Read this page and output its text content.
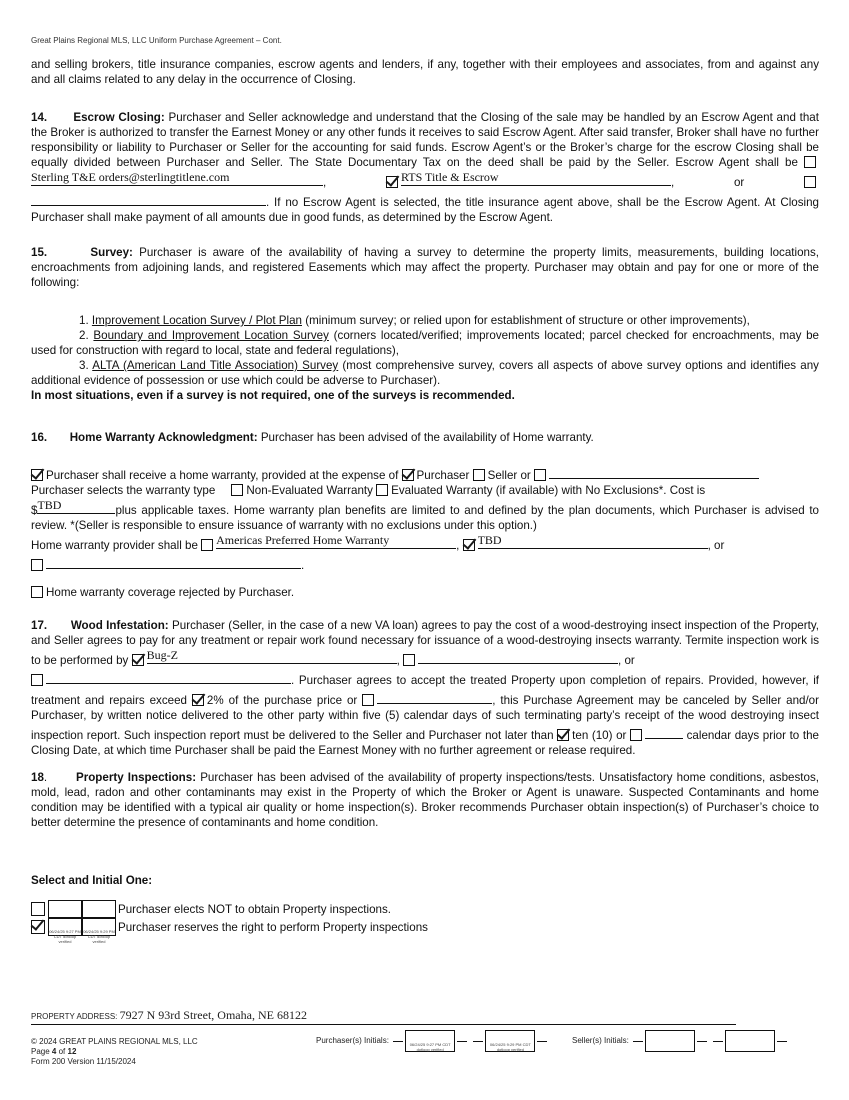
Great Plains Regional MLS, LLC Uniform Purchase Agreement – Cont.
and selling brokers, title insurance companies, escrow agents and lenders, if any, together with their employees and associates, from and against any and all claims related to any delay in the occurrence of Closing.
14. Escrow Closing: Purchaser and Seller acknowledge and understand that the Closing of the sale may be handled by an Escrow Agent and that the Broker is authorized to transfer the Earnest Money or any other funds it receives to said Escrow Agent. After said transfer, Broker shall have no further responsibility or liability to Purchaser or Seller for the accounting for said funds. Escrow Agent’s or the Broker’s charge for the escrow Closing shall be equally divided between Purchaser and Seller. The State Documentary Tax on the deed shall be paid by the Seller. Escrow Agent shall be Sterling T&E orders@sterlingtitlene.com	, RTS Title & Escrow	, or  . If no Escrow Agent is selected, the title insurance agent above, shall be the Escrow Agent. At Closing Purchaser shall make payment of all amounts due in good funds, as determined by the Escrow Agent.
15.	Survey: Purchaser is aware of the availability of having a survey to determine the property limits, measurements, building locations, encroachments from adjoining lands, and registered Easements which may affect the property. Purchaser may obtain and pay for one or more of the following:
1. Improvement Location Survey / Plot Plan (minimum survey; or relied upon for establishment of structure or other improvements),
2. Boundary and Improvement Location Survey (corners located/verified; improvements located; parcel checked for encroachments, may be used for construction with regard to local, state and federal regulations),
3. ALTA (American Land Title Association) Survey (most comprehensive survey, covers all aspects of above survey options and identifies any additional evidence of possession or use which could be adverse to Purchaser).
In most situations, even if a survey is not required, one of the surveys is recommended.
16. Home Warranty Acknowledgment: Purchaser has been advised of the availability of Home warranty.
Purchaser shall receive a home warranty, provided at the expense of Purchaser Seller or
Purchaser selects the warranty type	Non-Evaluated Warranty Evaluated Warranty (if available) with No Exclusions*. Cost is
$TBD	plus applicable taxes. Home warranty plan benefits are limited to and defined by the plan documents, which Purchaser is advised to review. *(Seller is responsible to ensure issuance of warranty with no exclusions under this option.)
Home warranty provider shall be Americas Preferred Home Warranty	, TBD	, or
.
Home warranty coverage rejected by Purchaser.
17. Wood Infestation: Purchaser (Seller, in the case of a new VA loan) agrees to pay the cost of a wood-destroying insect inspection of the Property, and Seller agrees to pay for any treatment or repair work found necessary for issuance of a wood-destroying insects warranty. Termite inspection work is to be performed by Bug-Z	,	, or
. Purchaser agrees to accept the treated Property upon completion of repairs. Provided, however, if treatment and repairs exceed 2% of the purchase price or	, this Purchase Agreement may be canceled by Seller and/or Purchaser, by written notice delivered to the other party within five (5) calendar days of such terminating party’s receipt of the wood destroying insect inspection report. Such inspection report must be delivered to the Seller and Purchaser not later than ten (10) or	calendar days prior to the Closing Date, at which time Purchaser shall be paid the Earnest Money with no further agreement or release required.
18.       Property Inspections: Purchaser has been advised of the availability of property inspections/tests. Unsatisfactory home conditions, asbestos, mold, lead, radon and other contaminants may exist in the Property of which the Broker or Agent is unaware. Suspected Contaminants and home condition may be identified with a typical air quality or home inspection(s). Broker recommends Purchaser obtain inspection(s) of Purchaser’s choice to better determine the presence of contaminants and home condition.
Select and Initial One:
Purchaser elects NOT to obtain Property inspections.
06/24/25 9:27 PM CDT dotloop verified
06/24/25 9:29 PM CDT dotloop verified
Purchaser reserves the right to perform Property inspections
PROPERTY ADDRESS: 7927 N 93rd Street, Omaha, NE 68122
© 2024 GREAT PLAINS REGIONAL MLS, LLC
Page 4 of 12
Form 200 Version 11/15/2024
Purchaser(s) Initials:	06/24/25 9:27 PM CDT dotloop verified 06/24/25 9:29 PM CDT dotloop verified
Seller(s) Initials:
